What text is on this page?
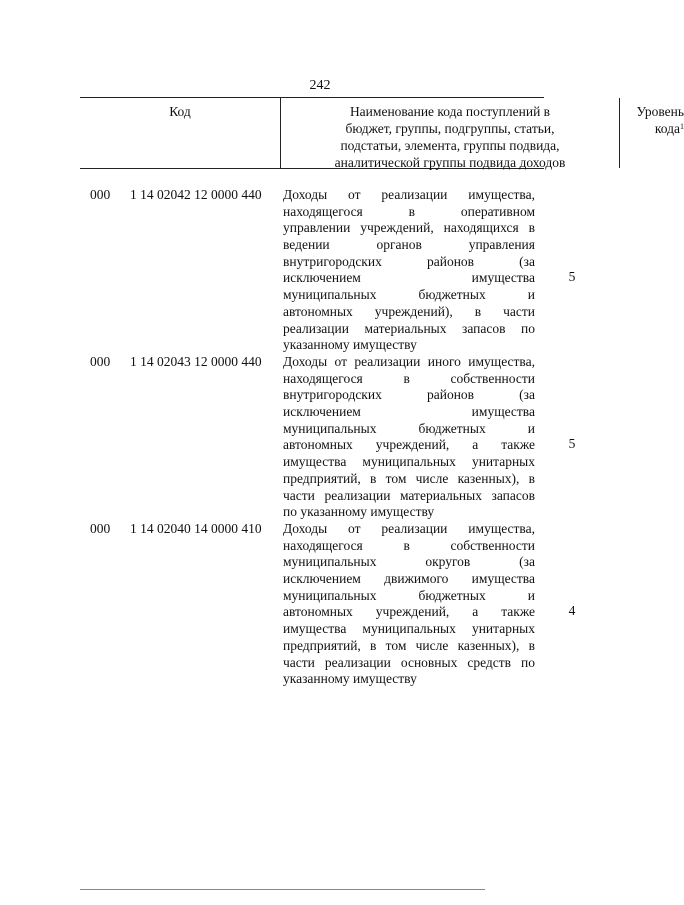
242
Код	Наименование кода поступлений в
бюджет, группы, подгруппы, статьи,
подстатьи, элемента, группы подвида,
аналитической группы подвида доходов
Уровень
кода$^1$
000 1 14 02042 12 0000 440 Доходы от реализации имущества,
находящегося в оперативном
управлении учреждений, находящихся в
ведении органов управления
внутригородских районов (за
исключением имущества
муниципальных бюджетных и
автономных учреждений), в части
реализации материальных запасов по
указанному имуществу
5
000 1 14 02043 12 0000 440 Доходы от реализации иного имущества,
находящегося в собственности
внутригородских районов (за
исключением имущества
муниципальных бюджетных и
автономных учреждений, а также
имущества муниципальных унитарных
предприятий, в том числе казенных), в
части реализации материальных запасов
по указанному имуществу
5
000 1 14 02040 14 0000 410 Доходы от реализации имущества,
находящегося в собственности
муниципальных округов (за
исключением движимого имущества
муниципальных бюджетных и
автономных учреждений, а также
имущества муниципальных унитарных
предприятий, в том числе казенных), в
части реализации основных средств по
указанному имуществу
4
